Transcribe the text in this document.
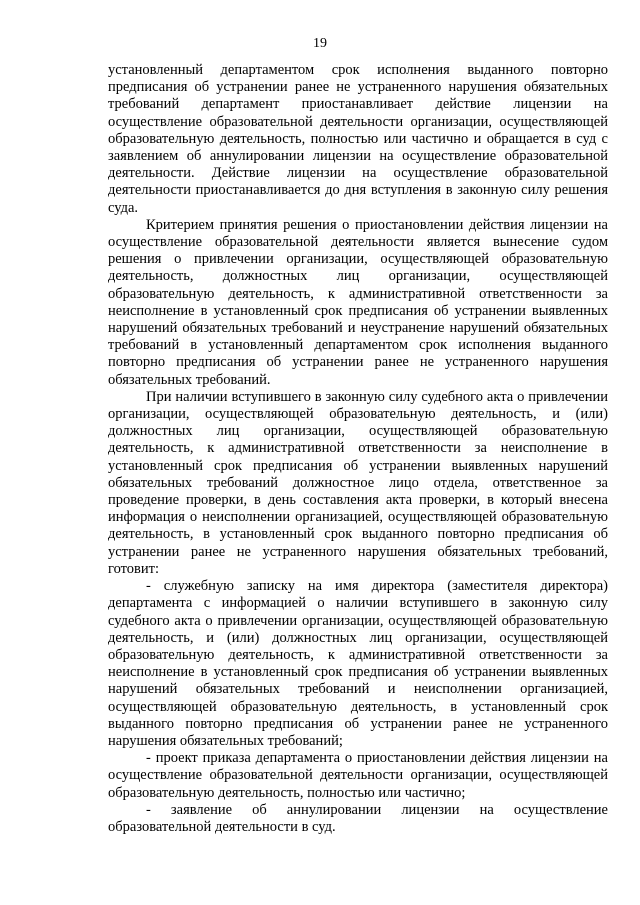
19

установленный департаментом срок исполнения выданного повторно предписания об устранении ранее не устраненного нарушения обязательных требований департамент приостанавливает действие лицензии на осуществление образовательной деятельности организации, осуществляющей образовательную деятельность, полностью или частично и обращается в суд с заявлением об аннулировании лицензии на осуществление образовательной деятельности. Действие лицензии на осуществление образовательной деятельности приостанавливается до дня вступления в законную силу решения суда.

Критерием принятия решения о приостановлении действия лицензии на осуществление образовательной деятельности является вынесение судом решения о привлечении организации, осуществляющей образовательную деятельность, должностных лиц организации, осуществляющей образовательную деятельность, к административной ответственности за неисполнение в установленный срок предписания об устранении выявленных нарушений обязательных требований и неустранение нарушений обязательных требований в установленный департаментом срок исполнения выданного повторно предписания об устранении ранее не устраненного нарушения обязательных требований.

При наличии вступившего в законную силу судебного акта о привлечении организации, осуществляющей образовательную деятельность, и (или) должностных лиц организации, осуществляющей образовательную деятельность, к административной ответственности за неисполнение в установленный срок предписания об устранении выявленных нарушений обязательных требований должностное лицо отдела, ответственное за проведение проверки, в день составления акта проверки, в который внесена информация о неисполнении организацией, осуществляющей образовательную деятельность, в установленный срок выданного повторно предписания об устранении ранее не устраненного нарушения обязательных требований, готовит:

- служебную записку на имя директора (заместителя директора) департамента с информацией о наличии вступившего в законную силу судебного акта о привлечении организации, осуществляющей образовательную деятельность, и (или) должностных лиц организации, осуществляющей образовательную деятельность, к административной ответственности за неисполнение в установленный срок предписания об устранении выявленных нарушений обязательных требований и неисполнении организацией, осуществляющей образовательную деятельность, в установленный срок выданного повторно предписания об устранении ранее не устраненного нарушения обязательных требований;

- проект приказа департамента о приостановлении действия лицензии на осуществление образовательной деятельности организации, осуществляющей образовательную деятельность, полностью или частично;

- заявление об аннулировании лицензии на осуществление образовательной деятельности в суд.
